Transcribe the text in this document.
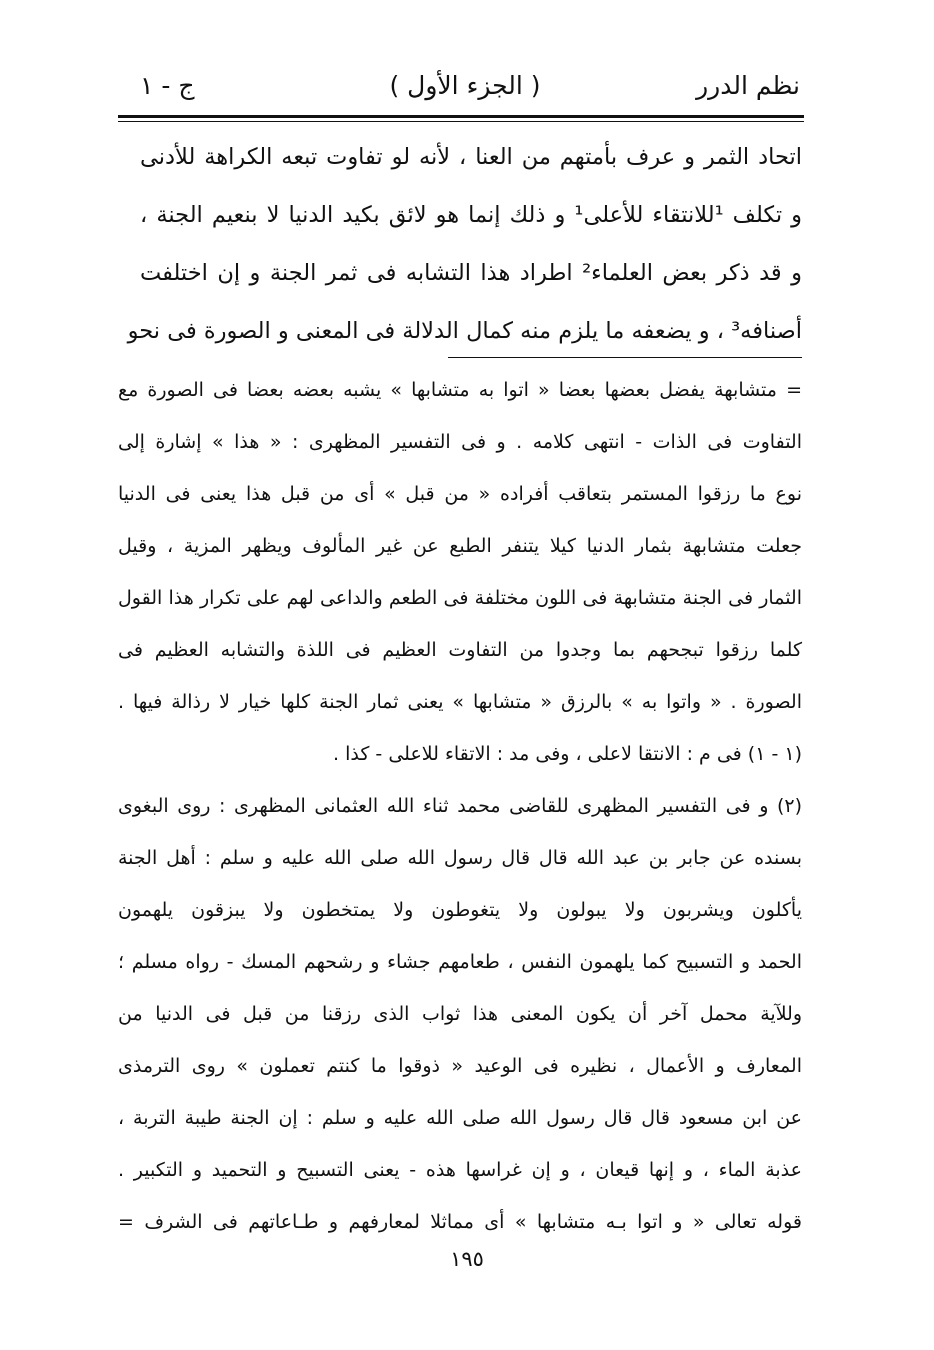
نظم الدرر
( الجزء الأول )
ج - ١
اتحاد الثمر و عرف بأمتهم من العنا ، لأنه لو تفاوت تبعه الكراهة للأدنى
و تكلف ¹للانتقاء للأعلى¹ و ذلك إنما هو لائق بكيد الدنيا لا بنعيم الجنة ،
و قد ذكر بعض العلماء² اطراد هذا التشابه فى ثمر الجنة و إن اختلفت
أصنافه³ ، و يضعفه ما يلزم منه كمال الدلالة فى المعنى و الصورة فى نحو
= متشابهة يفضل بعضها بعضا « اتوا به متشابها » يشبه بعضه بعضا فى الصورة مع
التفاوت فى الذات - انتهى كلامه . و فى التفسير المظهرى : « هذا » إشارة إلى
نوع ما رزقوا المستمر بتعاقب أفراده « من قبل » أى من قبل هذا يعنى فى الدنيا
جعلت متشابهة بثمار الدنيا كيلا يتنفر الطبع عن غير المألوف ويظهر المزية ، وقيل
الثمار فى الجنة متشابهة فى اللون مختلفة فى الطعم والداعى لهم على تكرار هذا القول
كلما رزقوا تبجحهم بما وجدوا من التفاوت العظيم فى اللذة والتشابه العظيم فى
الصورة . « واتوا به » بالرزق « متشابها » يعنى ثمار الجنة كلها خيار لا رذالة فيها .
(١ - ١) فى م : الانتقا لاعلى ، وفى مد : الاتقاء للاعلى - كذا .
(٢) و فى التفسير المظهرى للقاضى محمد ثناء الله العثمانى المظهرى : روى البغوى
بسنده عن جابر بن عبد الله قال قال رسول الله صلى الله عليه و سلم : أهل الجنة
يأكلون ويشربون ولا يبولون ولا يتغوطون ولا يمتخطون ولا يبزقون يلهمون
الحمد و التسبيح كما يلهمون النفس ، طعامهم جشاء و رشحهم المسك - رواه مسلم ؛
وللآية محمل آخر أن يكون المعنى هذا ثواب الذى رزقنا من قبل فى الدنيا من
المعارف و الأعمال ، نظيره فى الوعيد « ذوقوا ما كنتم تعملون » روى الترمذى
عن ابن مسعود قال قال رسول الله صلى الله عليه و سلم : إن الجنة طيبة التربة ،
عذبة الماء ، و إنها قيعان ، و إن غراسها هذه - يعنى التسبيح و التحميد و التكبير .
قوله تعالى « و اتوا بـه متشابها » أى مماثلا لمعارفهم و طـاعاتهم فى الشرف =
١٩٥
